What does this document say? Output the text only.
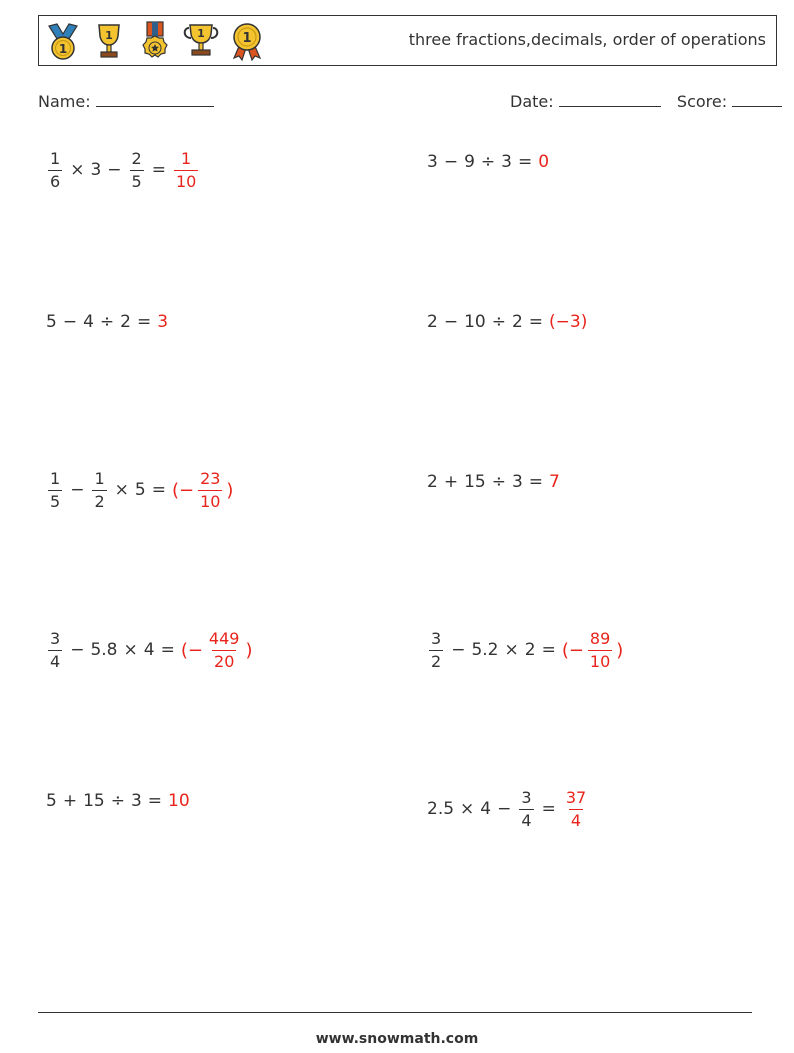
1
1	1	1	three fractions,decimals, order of operations
Name:	Date:	Score:
$\frac{1}{6} \times 3 - \frac{2}{5} = \frac{1}{10}$	3 − 9 ÷ 3 = 0
5 − 4 ÷ 2 = 3	2 − 10 ÷ 2 = (−3)
$\frac{1}{5} - \frac{1}{2} \times 5$ = (− $\frac{23}{10}$ )	2 + 15 ÷ 3 = 7
$\frac{3}{4} - 5.8 \times 4$ = (− $\frac{449}{20}$ )	$\frac{3}{2} - 5.2 \times 2$ = (− $\frac{89}{10}$ )
5 + 15 ÷ 3 = 10	$2.5 \times 4 - \frac{3}{4} = \frac{37}{4}$
www.snowmath.com
